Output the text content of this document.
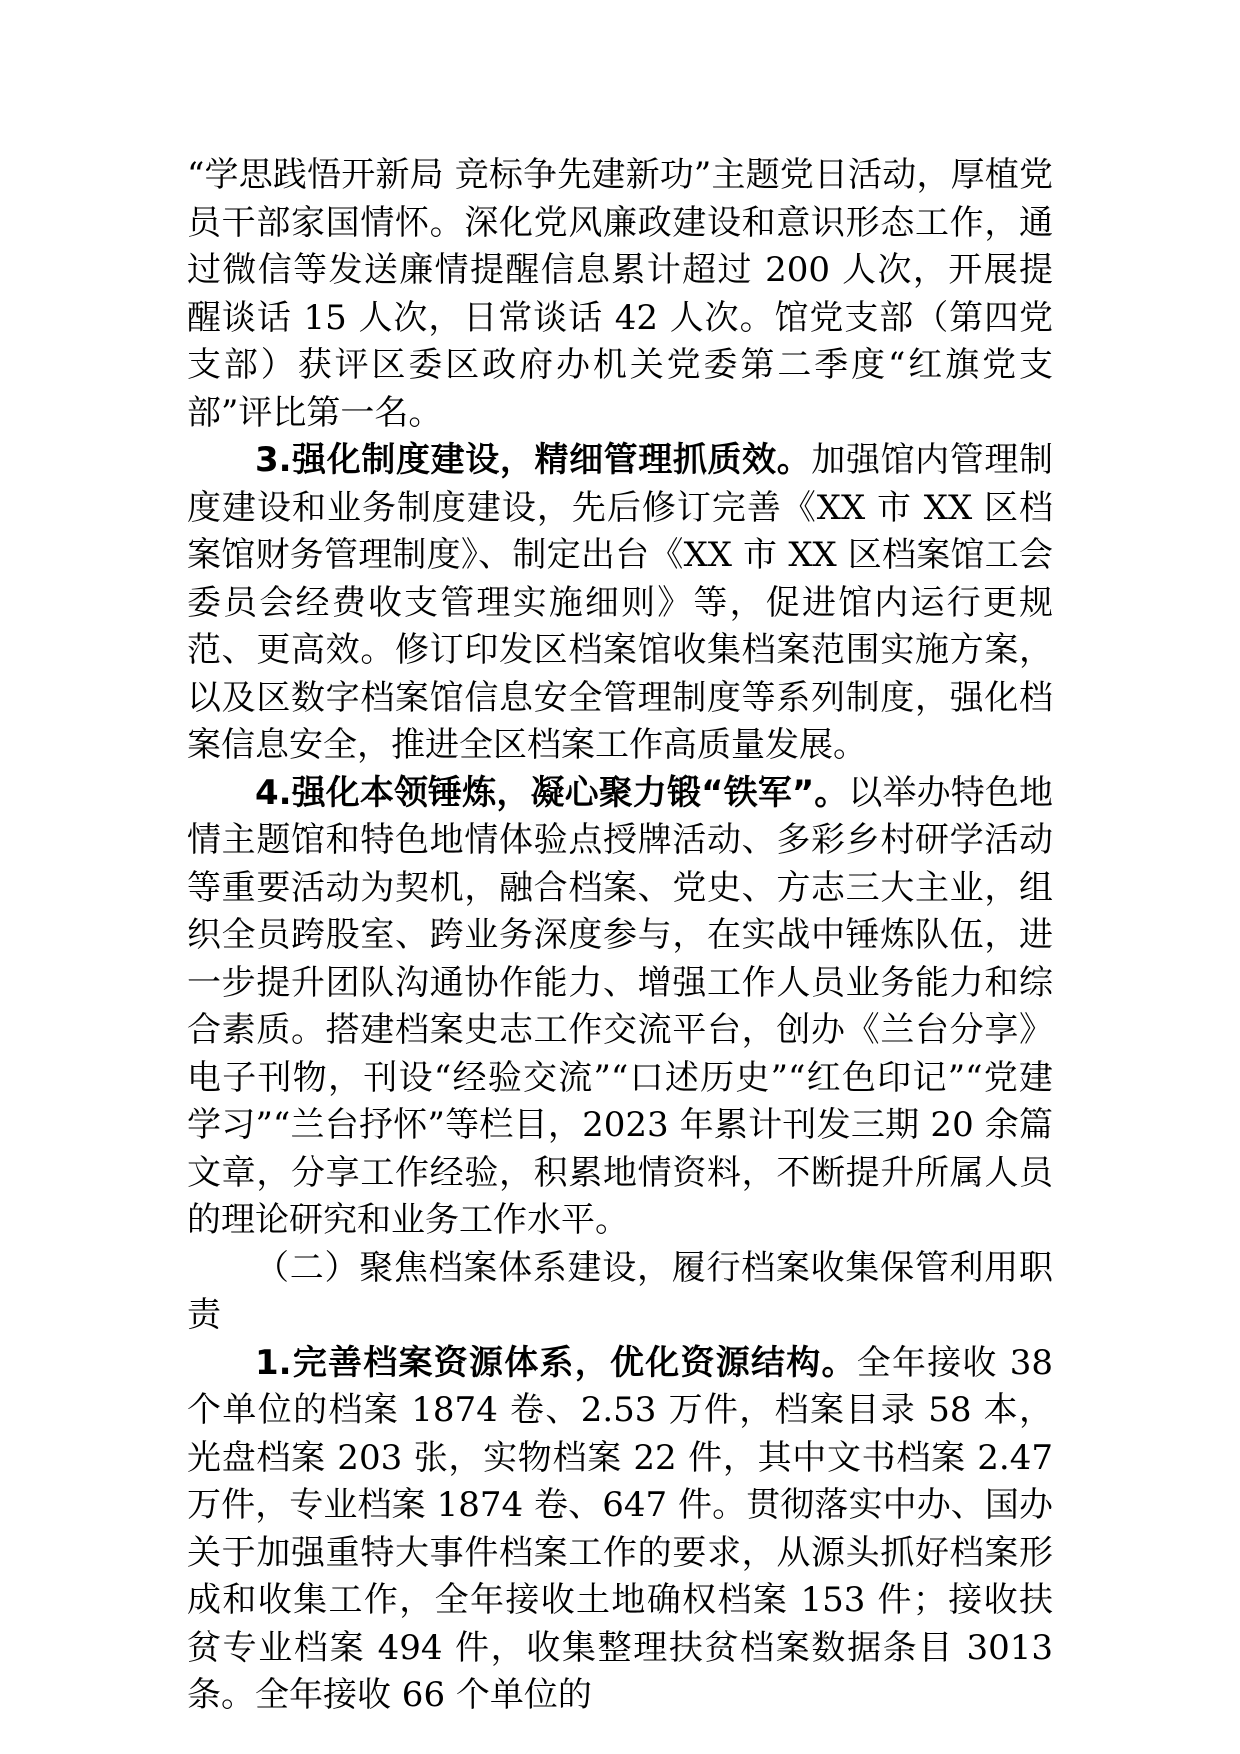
“学思践悟开新局 竞标争先建新功”主题党日活动，厚植党员干部家国情怀。深化党风廉政建设和意识形态工作，通过微信等发送廉情提醒信息累计超过 200 人次，开展提醒谈话 15 人次，日常谈话 42 人次。馆党支部（第四党支部）获评区委区政府办机关党委第二季度“红旗党支部”评比第一名。

3.强化制度建设，精细管理抓质效。加强馆内管理制度建设和业务制度建设，先后修订完善《XX 市 XX 区档案馆财务管理制度》、制定出台《XX 市 XX 区档案馆工会委员会经费收支管理实施细则》等，促进馆内运行更规范、更高效。修订印发区档案馆收集档案范围实施方案，以及区数字档案馆信息安全管理制度等系列制度，强化档案信息安全，推进全区档案工作高质量发展。

4.强化本领锤炼，凝心聚力锻“铁军”。以举办特色地情主题馆和特色地情体验点授牌活动、多彩乡村研学活动等重要活动为契机，融合档案、党史、方志三大主业，组织全员跨股室、跨业务深度参与，在实战中锤炼队伍，进一步提升团队沟通协作能力、增强工作人员业务能力和综合素质。搭建档案史志工作交流平台，创办《兰台分享》电子刊物，刊设“经验交流”“口述历史”“红色印记”“党建学习”“兰台抒怀”等栏目，2023 年累计刊发三期 20 余篇文章，分享工作经验，积累地情资料，不断提升所属人员的理论研究和业务工作水平。

（二）聚焦档案体系建设，履行档案收集保管利用职责

1.完善档案资源体系，优化资源结构。全年接收 38 个单位的档案 1874 卷、2.53 万件，档案目录 58 本，光盘档案 203 张，实物档案 22 件，其中文书档案 2.47 万件，专业档案 1874 卷、647 件。贯彻落实中办、国办关于加强重特大事件档案工作的要求，从源头抓好档案形成和收集工作，全年接收土地确权档案 153 件；接收扶贫专业档案 494 件，收集整理扶贫档案数据条目 3013 条。全年接收 66 个单位的
